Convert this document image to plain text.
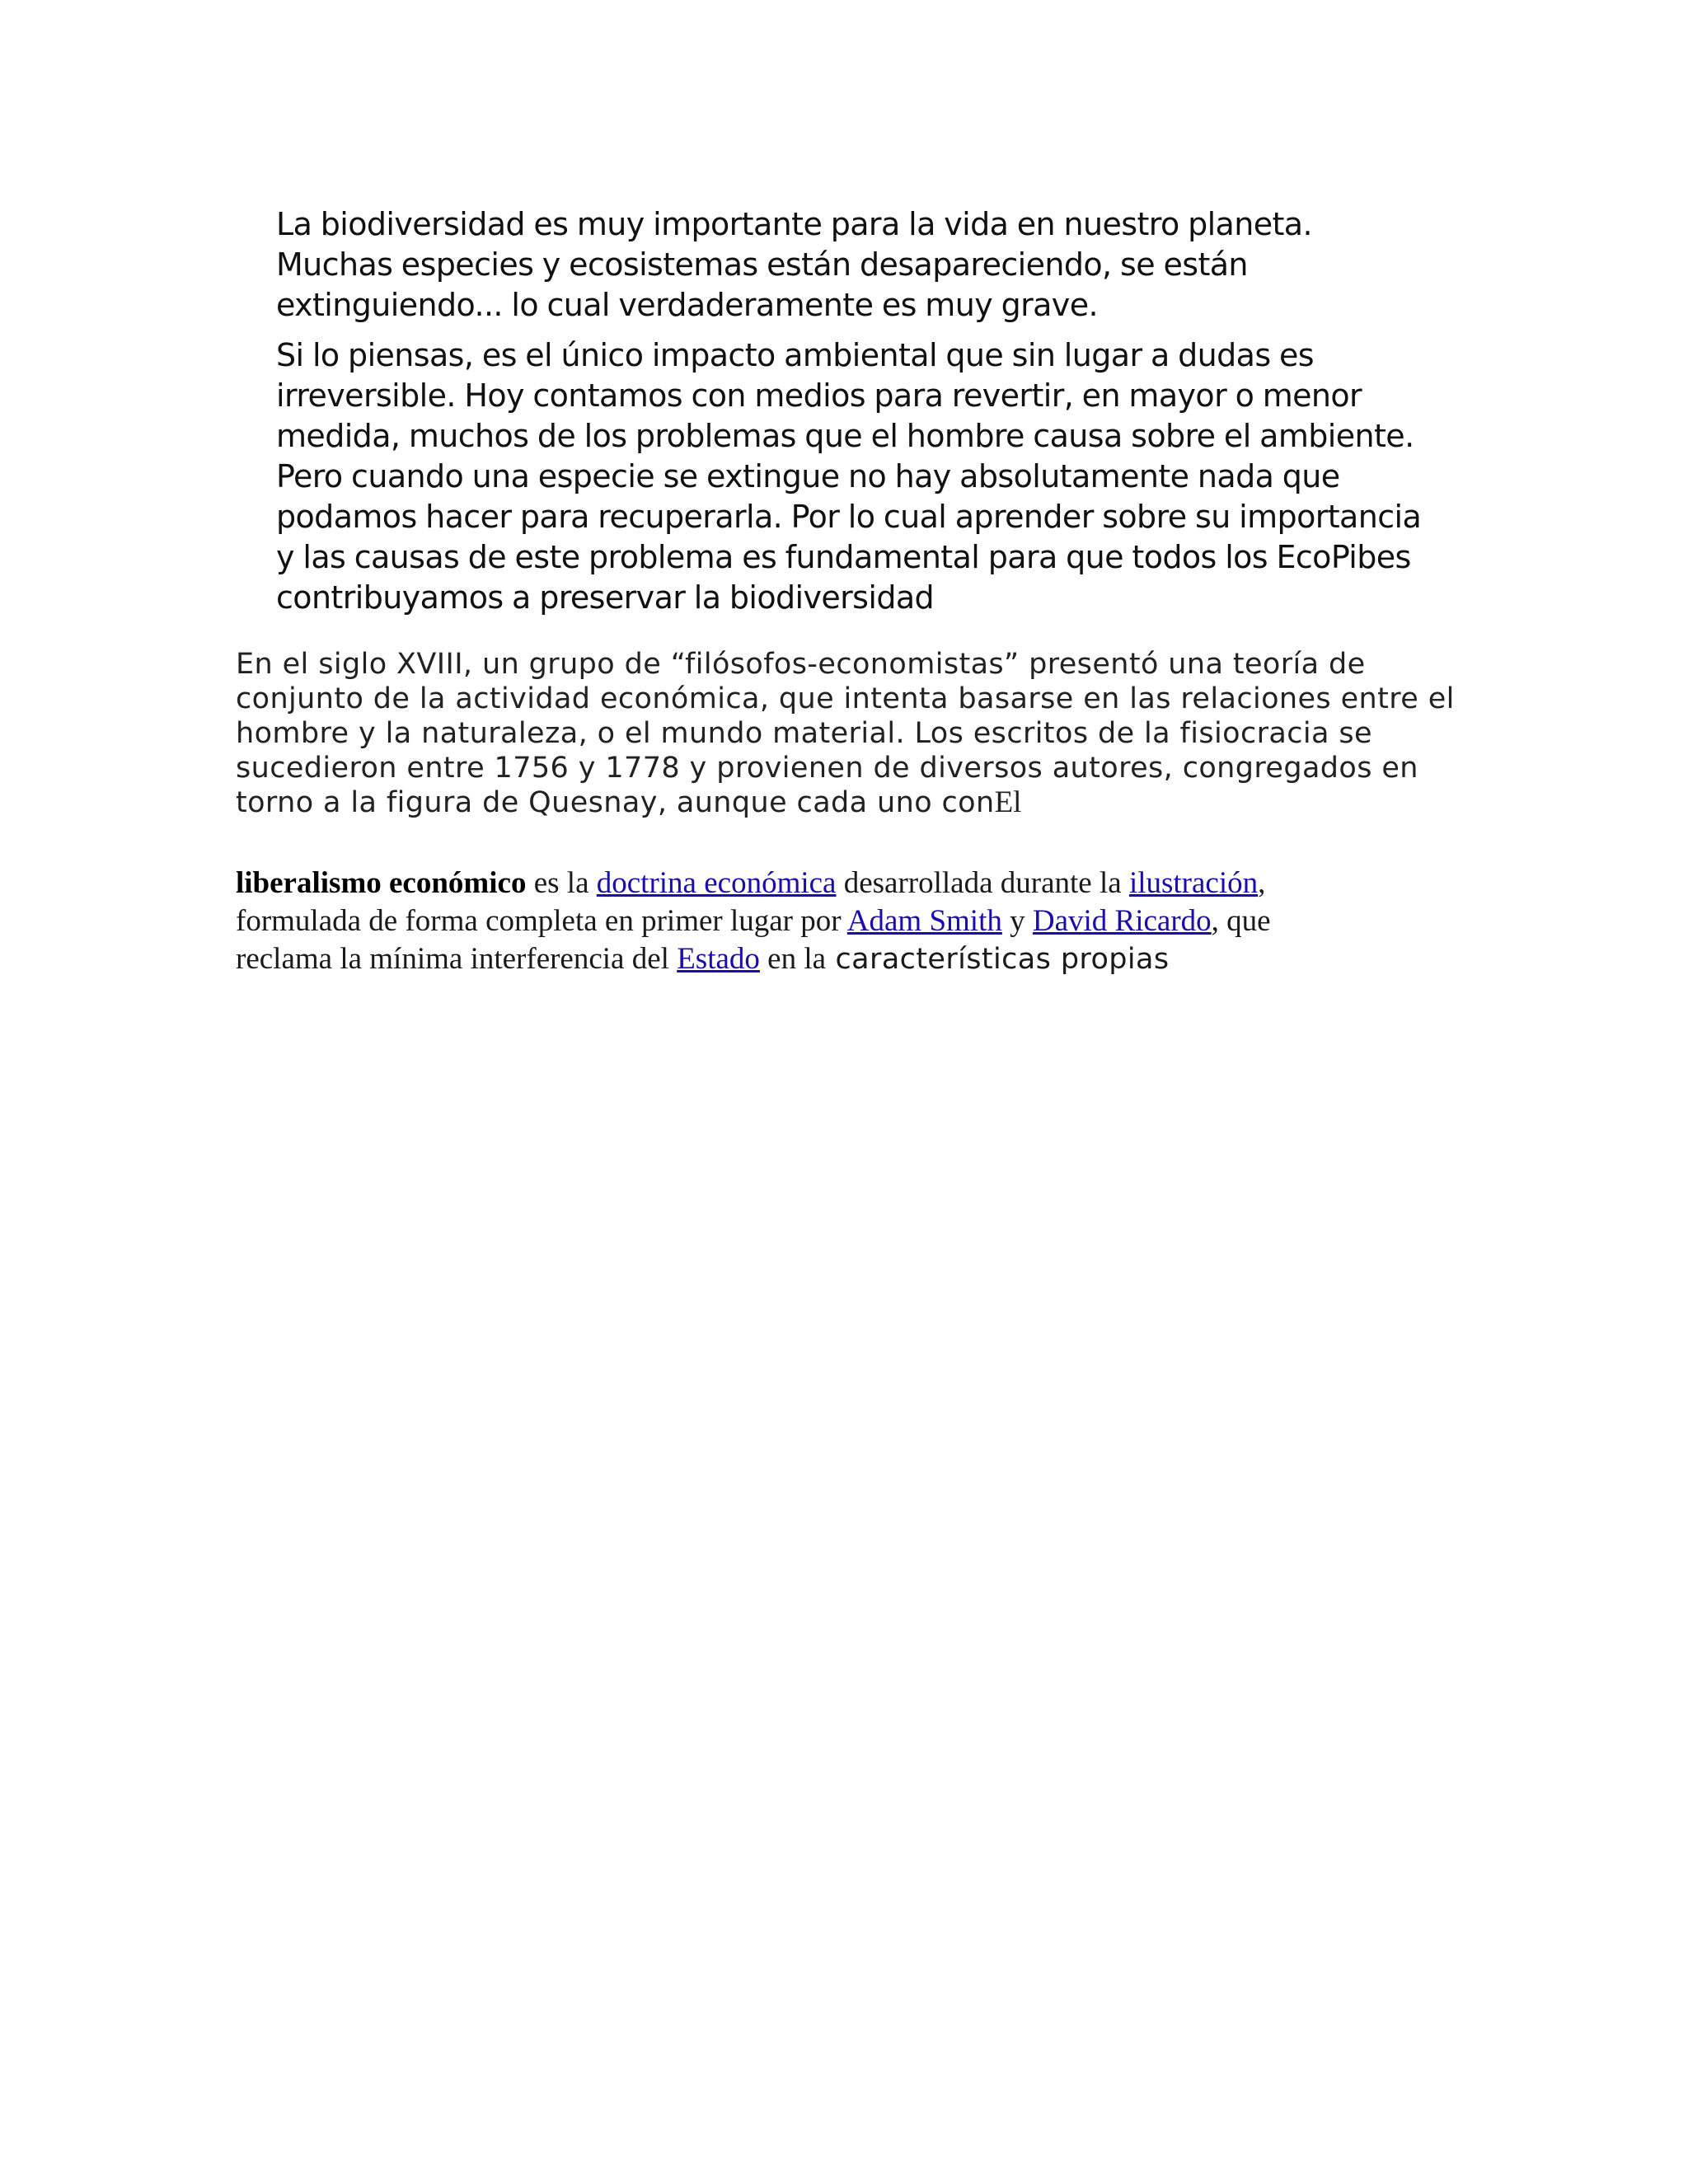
La biodiversidad es muy importante para la vida en nuestro planeta.
Muchas especies y ecosistemas están desapareciendo, se están
extinguiendo... lo cual verdaderamente es muy grave.
Si lo piensas, es el único impacto ambiental que sin lugar a dudas es
irreversible. Hoy contamos con medios para revertir, en mayor o menor
medida, muchos de los problemas que el hombre causa sobre el ambiente.
Pero cuando una especie se extingue no hay absolutamente nada que
podamos hacer para recuperarla. Por lo cual aprender sobre su importancia
y las causas de este problema es fundamental para que todos los EcoPibes
contribuyamos a preservar la biodiversidad
En el siglo XVIII, un grupo de “filósofos-economistas” presentó una teoría de
conjunto de la actividad económica, que intenta basarse en las relaciones entre el
hombre y la naturaleza, o el mundo material. Los escritos de la fisiocracia se
sucedieron entre 1756 y 1778 y provienen de diversos autores, congregados en
torno a la figura de Quesnay, aunque cada uno conEl
liberalismo económico es la doctrina económica desarrollada durante la ilustración,
formulada de forma completa en primer lugar por Adam Smith y David Ricardo, que
reclama la mínima interferencia del Estado en la características propias
